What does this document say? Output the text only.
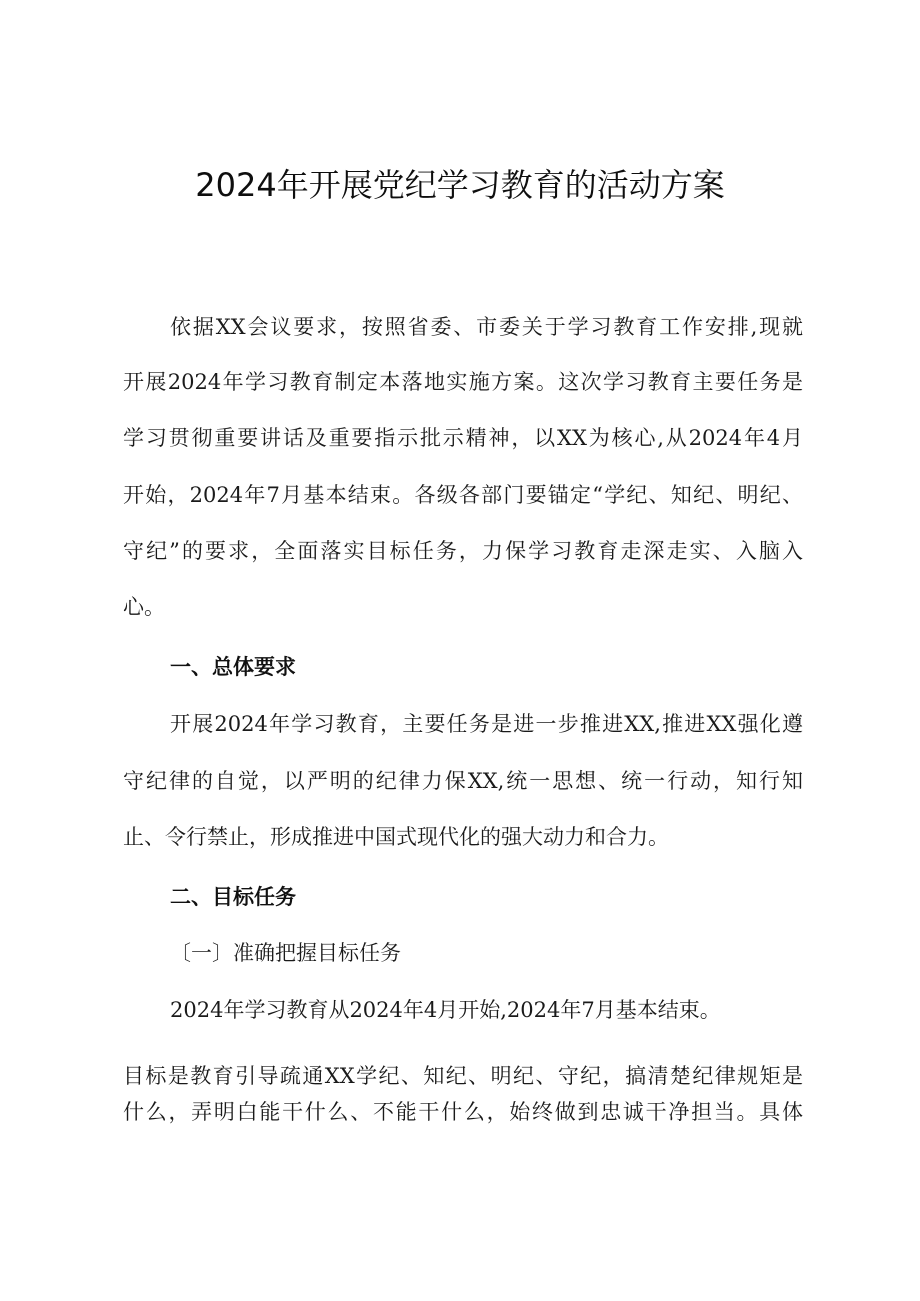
2024年开展党纪学习教育的活动方案
依据XX会议要求，按照省委、市委关于学习教育工作安排,现就
开展2024年学习教育制定本落地实施方案。这次学习教育主要任务是
学习贯彻重要讲话及重要指示批示精神，以XX为核心,从2024年4月
开始，2024年7月基本结束。各级各部门要锚定“学纪、知纪、明纪、
守纪”的要求，全面落实目标任务，力保学习教育走深走实、入脑入
心。
一、总体要求
开展2024年学习教育，主要任务是进一步推进XX,推进XX强化遵
守纪律的自觉，以严明的纪律力保XX,统一思想、统一行动，知行知
止、令行禁止，形成推进中国式现代化的强大动力和合力。
二、目标任务
〔一〕准确把握目标任务
2024年学习教育从2024年4月开始,2024年7月基本结束。
目标是教育引导疏通XX学纪、知纪、明纪、守纪，搞清楚纪律规矩是
什么，弄明白能干什么、不能干什么，始终做到忠诚干净担当。具体
